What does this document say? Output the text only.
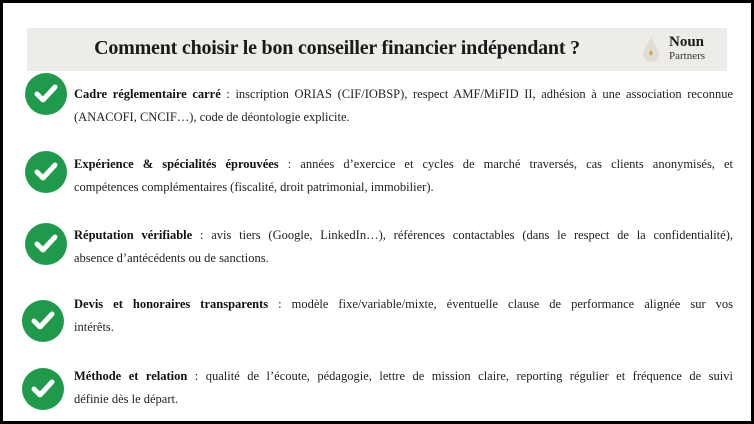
Comment choisir le bon conseiller financier indépendant ?	Noun
Partners
Cadre réglementaire carré : inscription ORIAS (CIF/IOBSP), respect AMF/MiFID II, adhésion à une association reconnue
(ANACOFI, CNCIF…), code de déontologie explicite.
Expérience & spécialités éprouvées : années d’exercice et cycles de marché traversés, cas clients anonymisés, et
compétences complémentaires (fiscalité, droit patrimonial, immobilier).
Réputation vérifiable : avis tiers (Google, LinkedIn…), références contactables (dans le respect de la confidentialité),
absence d’antécédents ou de sanctions.
Devis et honoraires transparents : modèle fixe/variable/mixte, éventuelle clause de performance alignée sur vos
intérêts.
Méthode et relation : qualité de l’écoute, pédagogie, lettre de mission claire, reporting régulier et fréquence de suivi
définie dès le départ.
